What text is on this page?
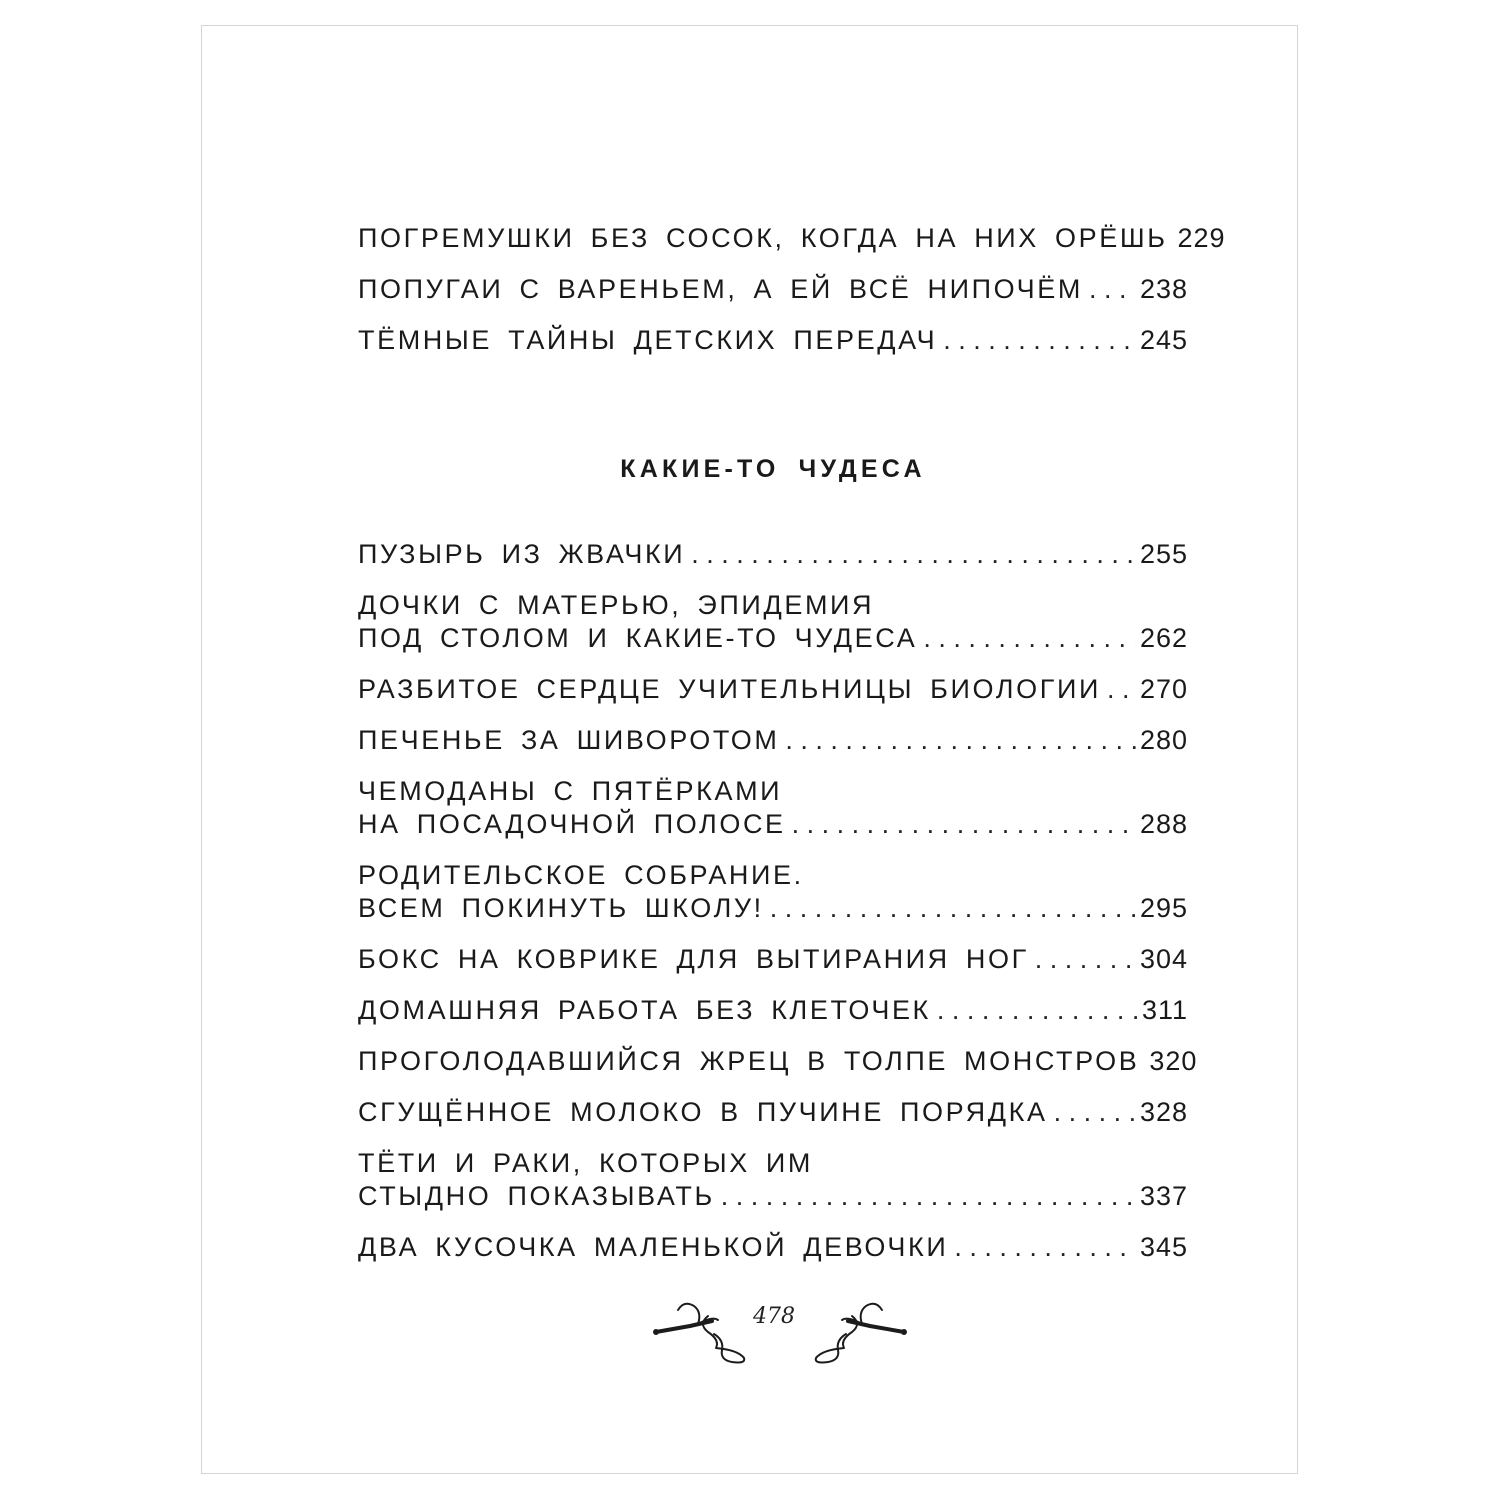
ПОГРЕМУШКИ БЕЗ СОСОК, КОГДА НА НИХ ОРЁШЬ 229
ПОПУГАИ С ВАРЕНЬЕМ, А ЕЙ ВСЁ НИПОЧЁМ . . . 238
ТЁМНЫЕ ТАЙНЫ ДЕТСКИХ ПЕРЕДАЧ . . .	245
КАКИЕ-ТО ЧУДЕСА
ПУЗЫРЬ ИЗ ЖВАЧКИ . . .	255
ДОЧКИ С МАТЕРЬЮ, ЭПИДЕМИЯ
ПОД СТОЛОМ И КАКИЕ-ТО ЧУДЕСА . . .	262
РАЗБИТОЕ СЕРДЦЕ УЧИТЕЛЬНИЦЫ БИОЛОГИИ . . . 270
ПЕЧЕНЬЕ ЗА ШИВОРОТОМ . . .	280
ЧЕМОДАНЫ С ПЯТЁРКАМИ
НА ПОСАДОЧНОЙ ПОЛОСЕ . . .	288
РОДИТЕЛЬСКОЕ СОБРАНИЕ.
ВСЕМ ПОКИНУТЬ ШКОЛУ! . . .	295
БОКС НА КОВРИКЕ ДЛЯ ВЫТИРАНИЯ НОГ . . .	304
ДОМАШНЯЯ РАБОТА БЕЗ КЛЕТОЧЕК . . .	311
ПРОГОЛОДАВШИЙСЯ ЖРЕЦ В ТОЛПЕ МОНСТРОВ 320
СГУЩЁННОЕ МОЛОКО В ПУЧИНЕ ПОРЯДКА . . .	328
ТЁТИ И РАКИ, КОТОРЫХ ИМ
СТЫДНО ПОКАЗЫВАТЬ . . .	337
ДВА КУСОЧКА МАЛЕНЬКОЙ ДЕВОЧКИ . . .	345
478
